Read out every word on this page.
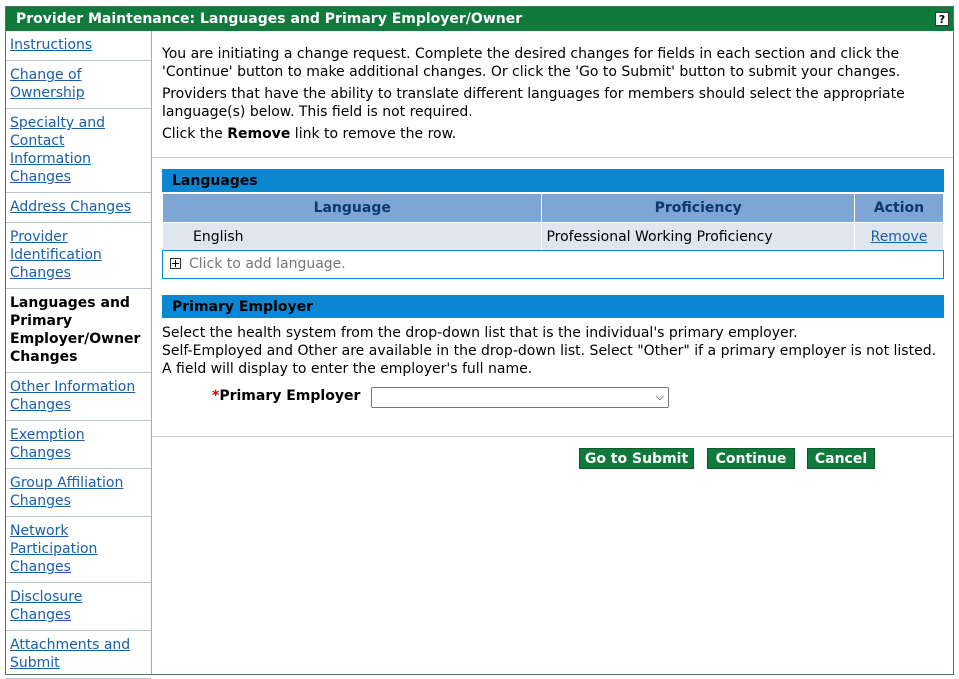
Provider Maintenance: Languages and Primary Employer/Owner	?
Instructions
Change of Ownership
Specialty and Contact Information Changes
Address Changes
Provider Identification Changes
Languages and Primary Employer/Owner Changes
Other Information Changes
Exemption Changes
Group Affiliation Changes
Network Participation Changes
Disclosure Changes
Attachments and Submit

You are initiating a change request. Complete the desired changes for fields in each section and click the 'Continue' button to make additional changes. Or click the 'Go to Submit' button to submit your changes.

Providers that have the ability to translate different languages for members should select the appropriate language(s) below. This field is not required.

Click the Remove link to remove the row.

Languages
Language	Proficiency	Action
English	Professional Working Proficiency	Remove
Click to add language.
Primary Employer

Select the health system from the drop-down list that is the individual's primary employer.

Self-Employed and Other are available in the drop-down list. Select "Other" if a primary employer is not listed. A field will display to enter the employer's full name.

*Primary Employer	⌵
Go to Submit	Continue	Cancel
